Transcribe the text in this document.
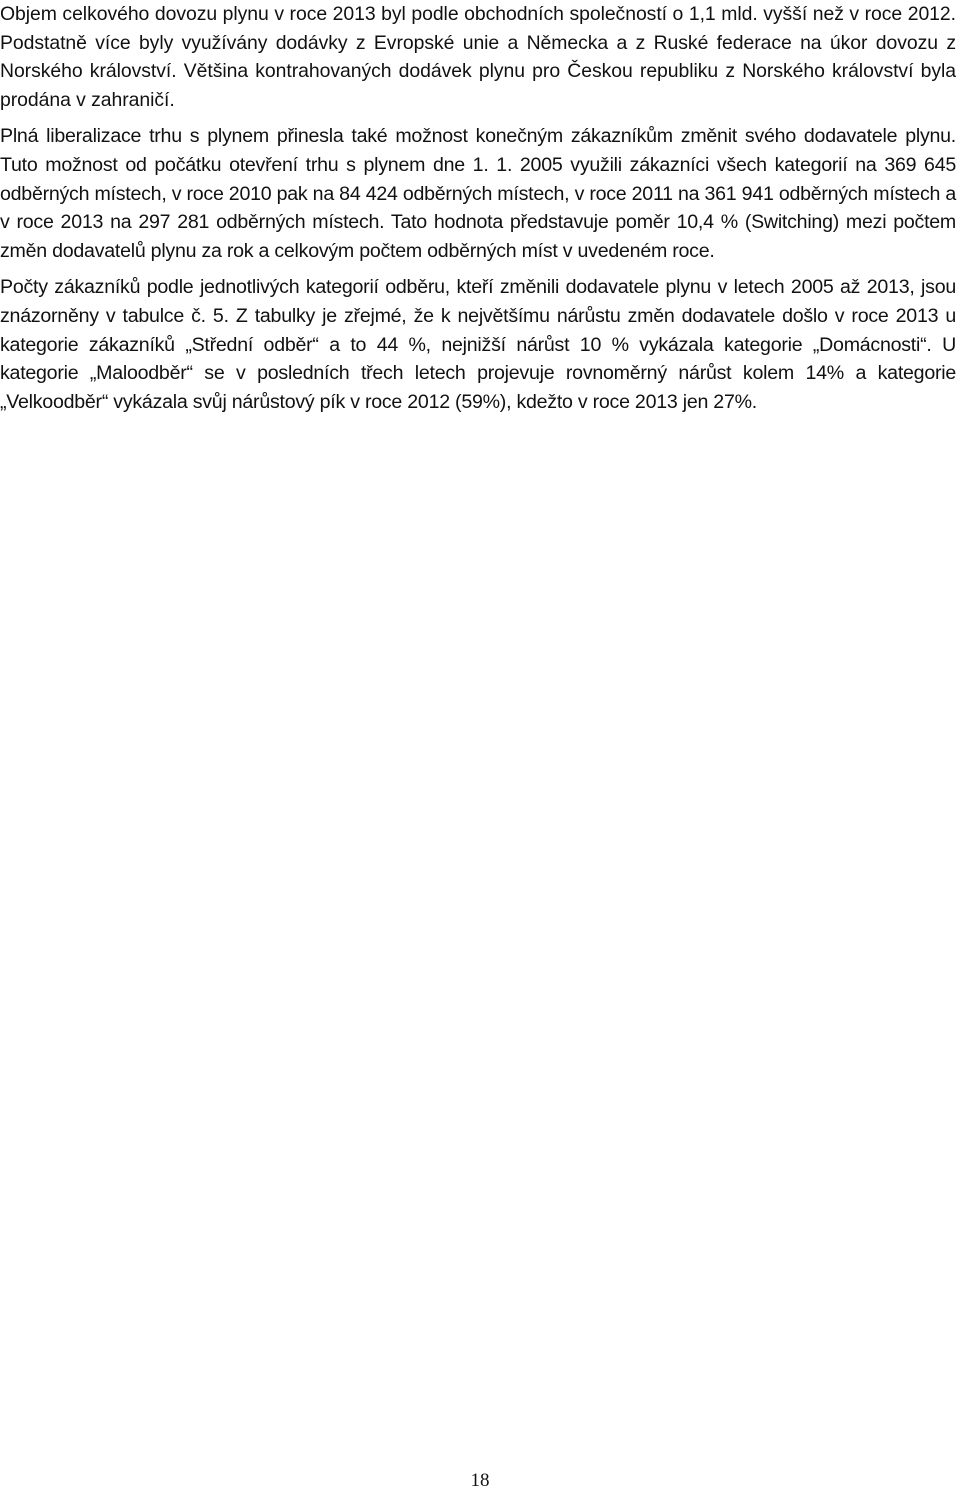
Objem celkového dovozu plynu v roce 2013 byl podle obchodních společností o 1,1 mld. vyšší než v roce 2012. Podstatně více byly využívány dodávky z Evropské unie a Německa a z Ruské federace na úkor dovozu z Norského království. Většina kontrahovaných dodávek plynu pro Českou republiku z Norského království byla prodána v zahraničí.

Plná liberalizace trhu s plynem přinesla také možnost konečným zákazníkům změnit svého dodavatele plynu. Tuto možnost od počátku otevření trhu s plynem dne 1. 1. 2005 využili zákazníci všech kategorií na 369 645 odběrných místech, v roce 2010 pak na 84 424 odběrných místech, v roce 2011 na 361 941 odběrných místech a v roce 2013 na 297 281 odběrných místech. Tato hodnota představuje poměr 10,4 % (Switching) mezi počtem změn dodavatelů plynu za rok a celkovým počtem odběrných míst v uvedeném roce.

Počty zákazníků podle jednotlivých kategorií odběru, kteří změnili dodavatele plynu v letech 2005 až 2013, jsou znázorněny v tabulce č. 5. Z tabulky je zřejmé, že k největšímu nárůstu změn dodavatele došlo v roce 2013 u kategorie zákazníků „Střední odběr“ a to 44 %, nejnižší nárůst 10 % vykázala kategorie „Domácnosti“. U kategorie „Maloodběr“ se v posledních třech letech projevuje rovnoměrný nárůst kolem 14% a kategorie „Velkoodběr“ vykázala svůj nárůstový pík v roce 2012 (59%), kdežto v roce 2013 jen 27%.

18
